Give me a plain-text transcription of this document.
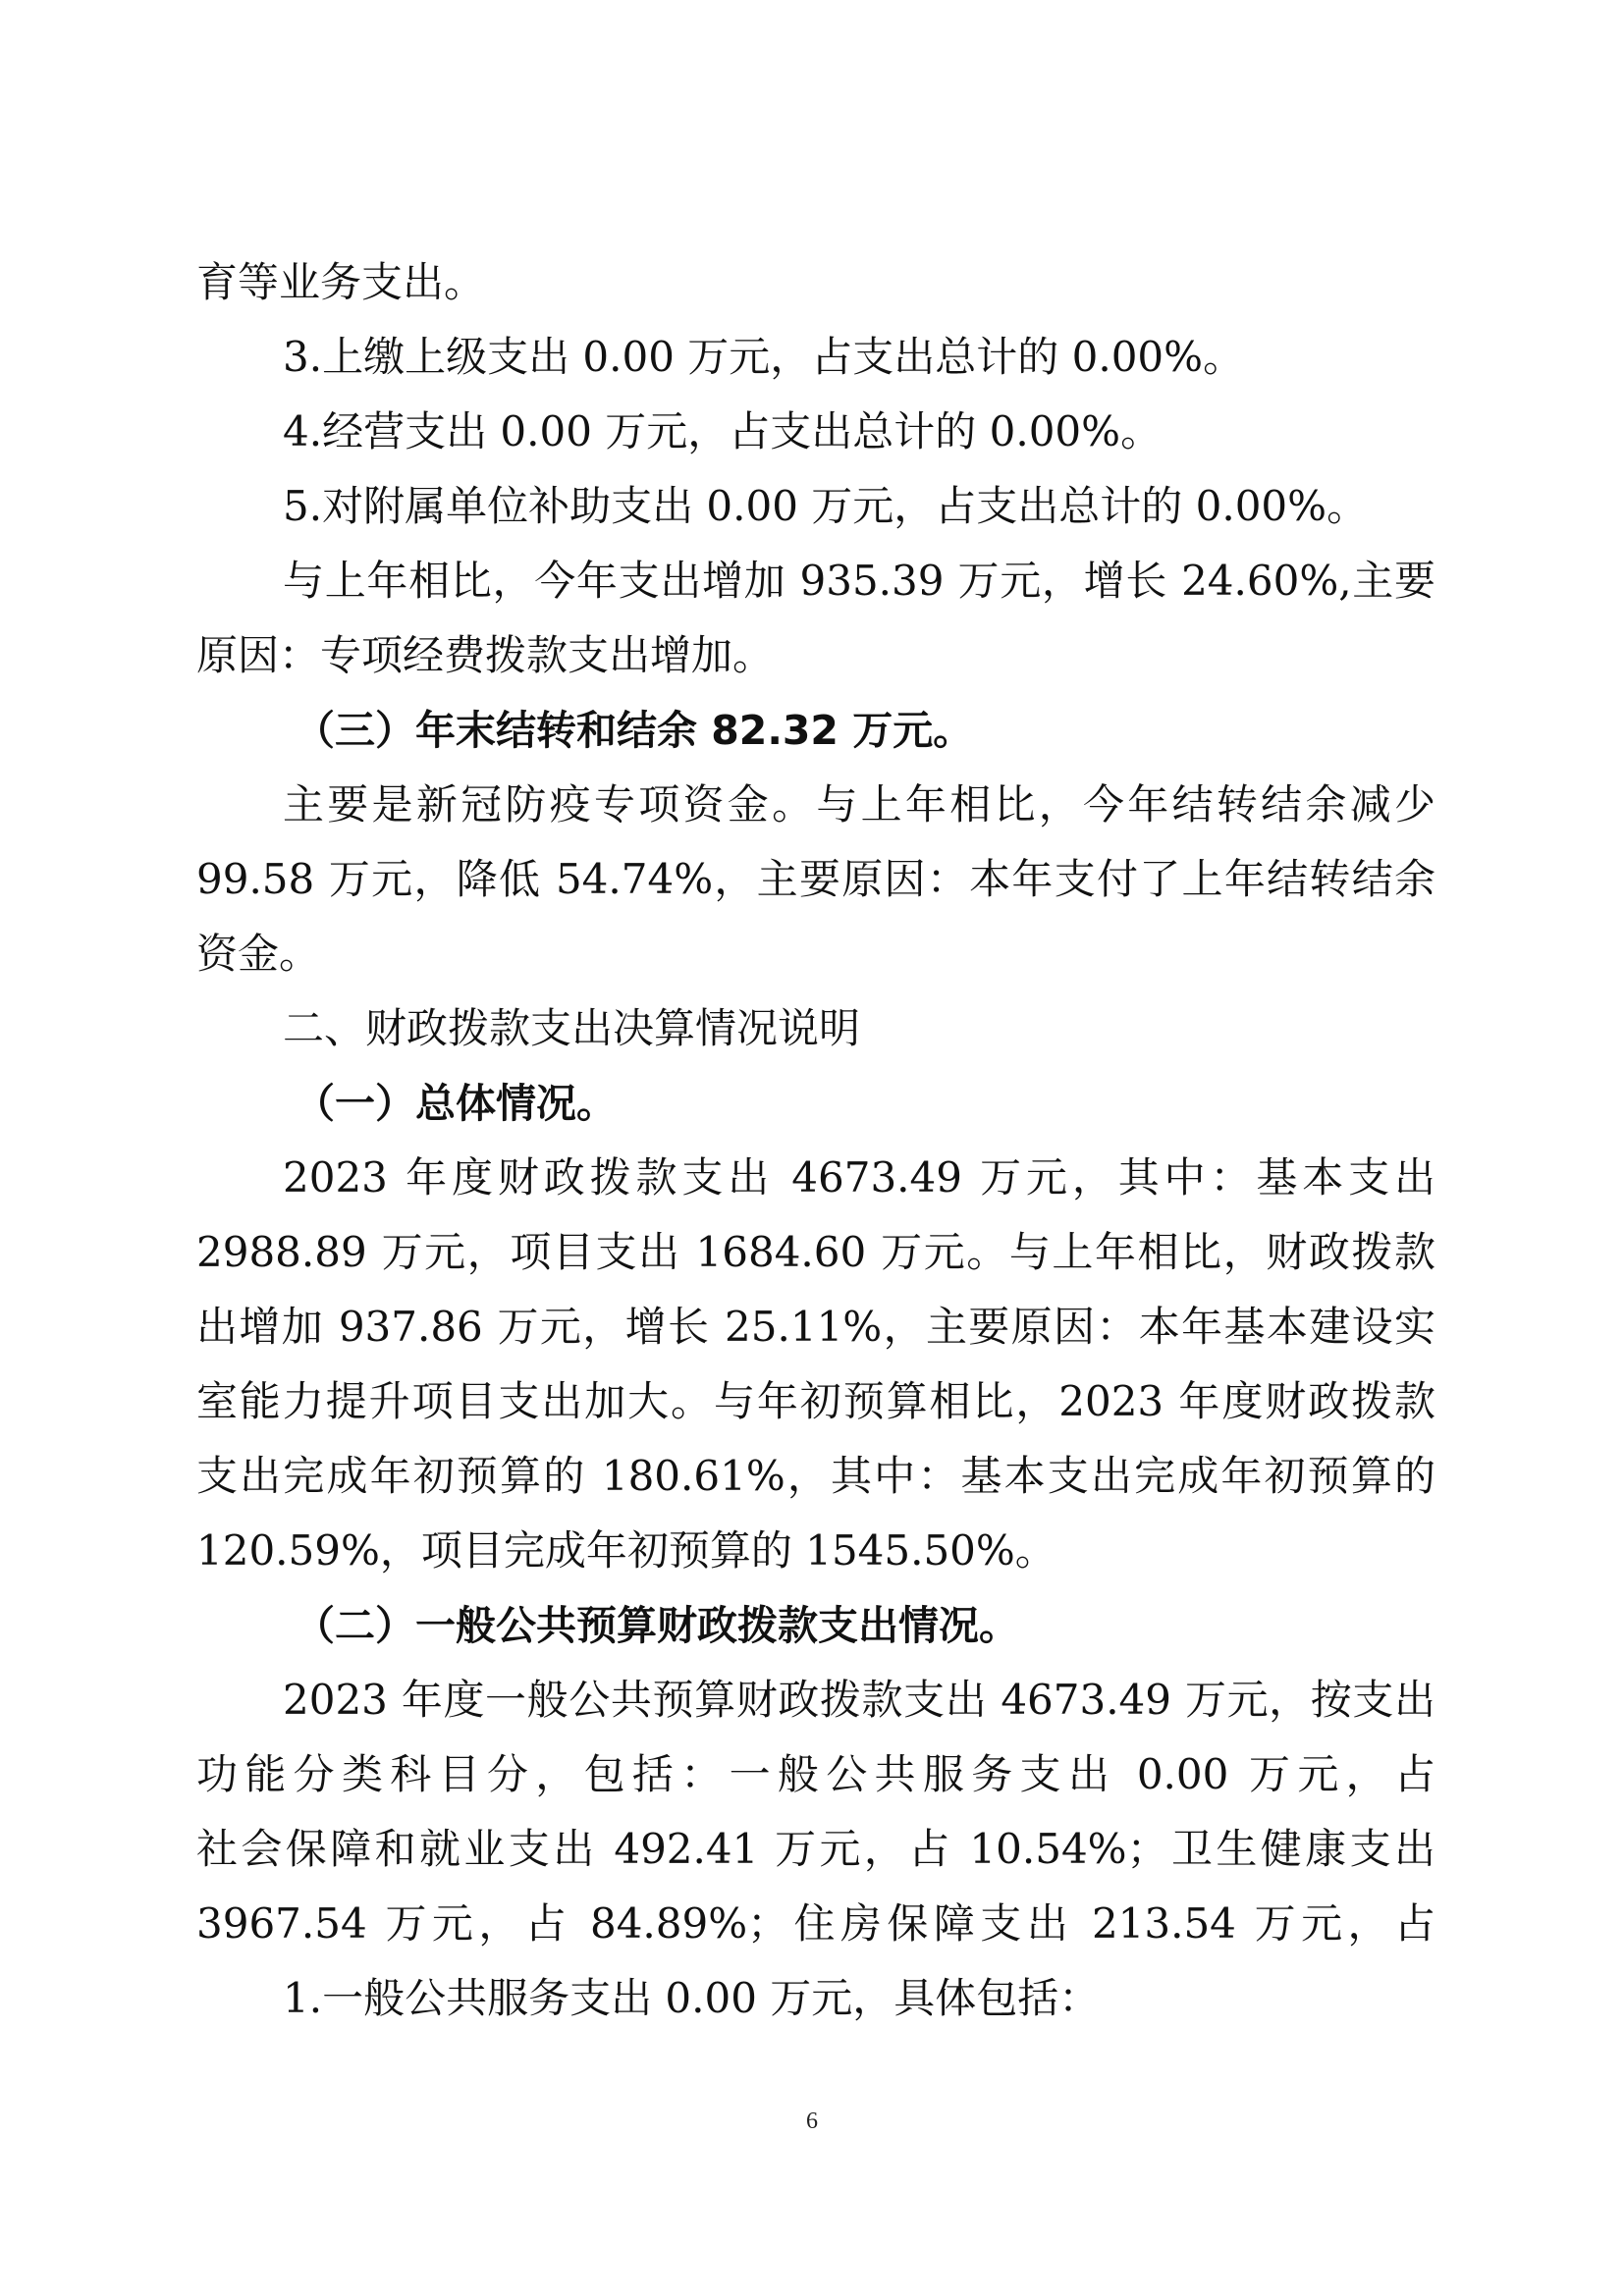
育等业务支出。
3.上缴上级支出 0.00 万元，占支出总计的 0.00%。
4.经营支出 0.00 万元，占支出总计的 0.00%。
5.对附属单位补助支出 0.00 万元，占支出总计的 0.00%。
与上年相比，今年支出增加 935.39 万元，增长 24.60%,主要
原因：专项经费拨款支出增加。
（三）年末结转和结余 82.32 万元。
主要是新冠防疫专项资金。与上年相比，今年结转结余减少
99.58 万元，降低 54.74%，主要原因：本年支付了上年结转结余
资金。
二、财政拨款支出决算情况说明
（一）总体情况。
2023 年度财政拨款支出 4673.49 万元，其中：基本支出
2988.89 万元，项目支出 1684.60 万元。与上年相比，财政拨款
出增加 937.86 万元，增长 25.11%，主要原因：本年基本建设实
室能力提升项目支出加大。与年初预算相比，2023 年度财政拨款
支出完成年初预算的 180.61%，其中：基本支出完成年初预算的
120.59%，项目完成年初预算的 1545.50%。
（二）一般公共预算财政拨款支出情况。
2023 年度一般公共预算财政拨款支出 4673.49 万元，按支出
功能分类科目分，包括：一般公共服务支出 0.00 万元，占
社会保障和就业支出 492.41 万元，占 10.54%；卫生健康支出
3967.54 万元，占 84.89%；住房保障支出 213.54 万元，占
1.一般公共服务支出 0.00 万元，具体包括：
6
